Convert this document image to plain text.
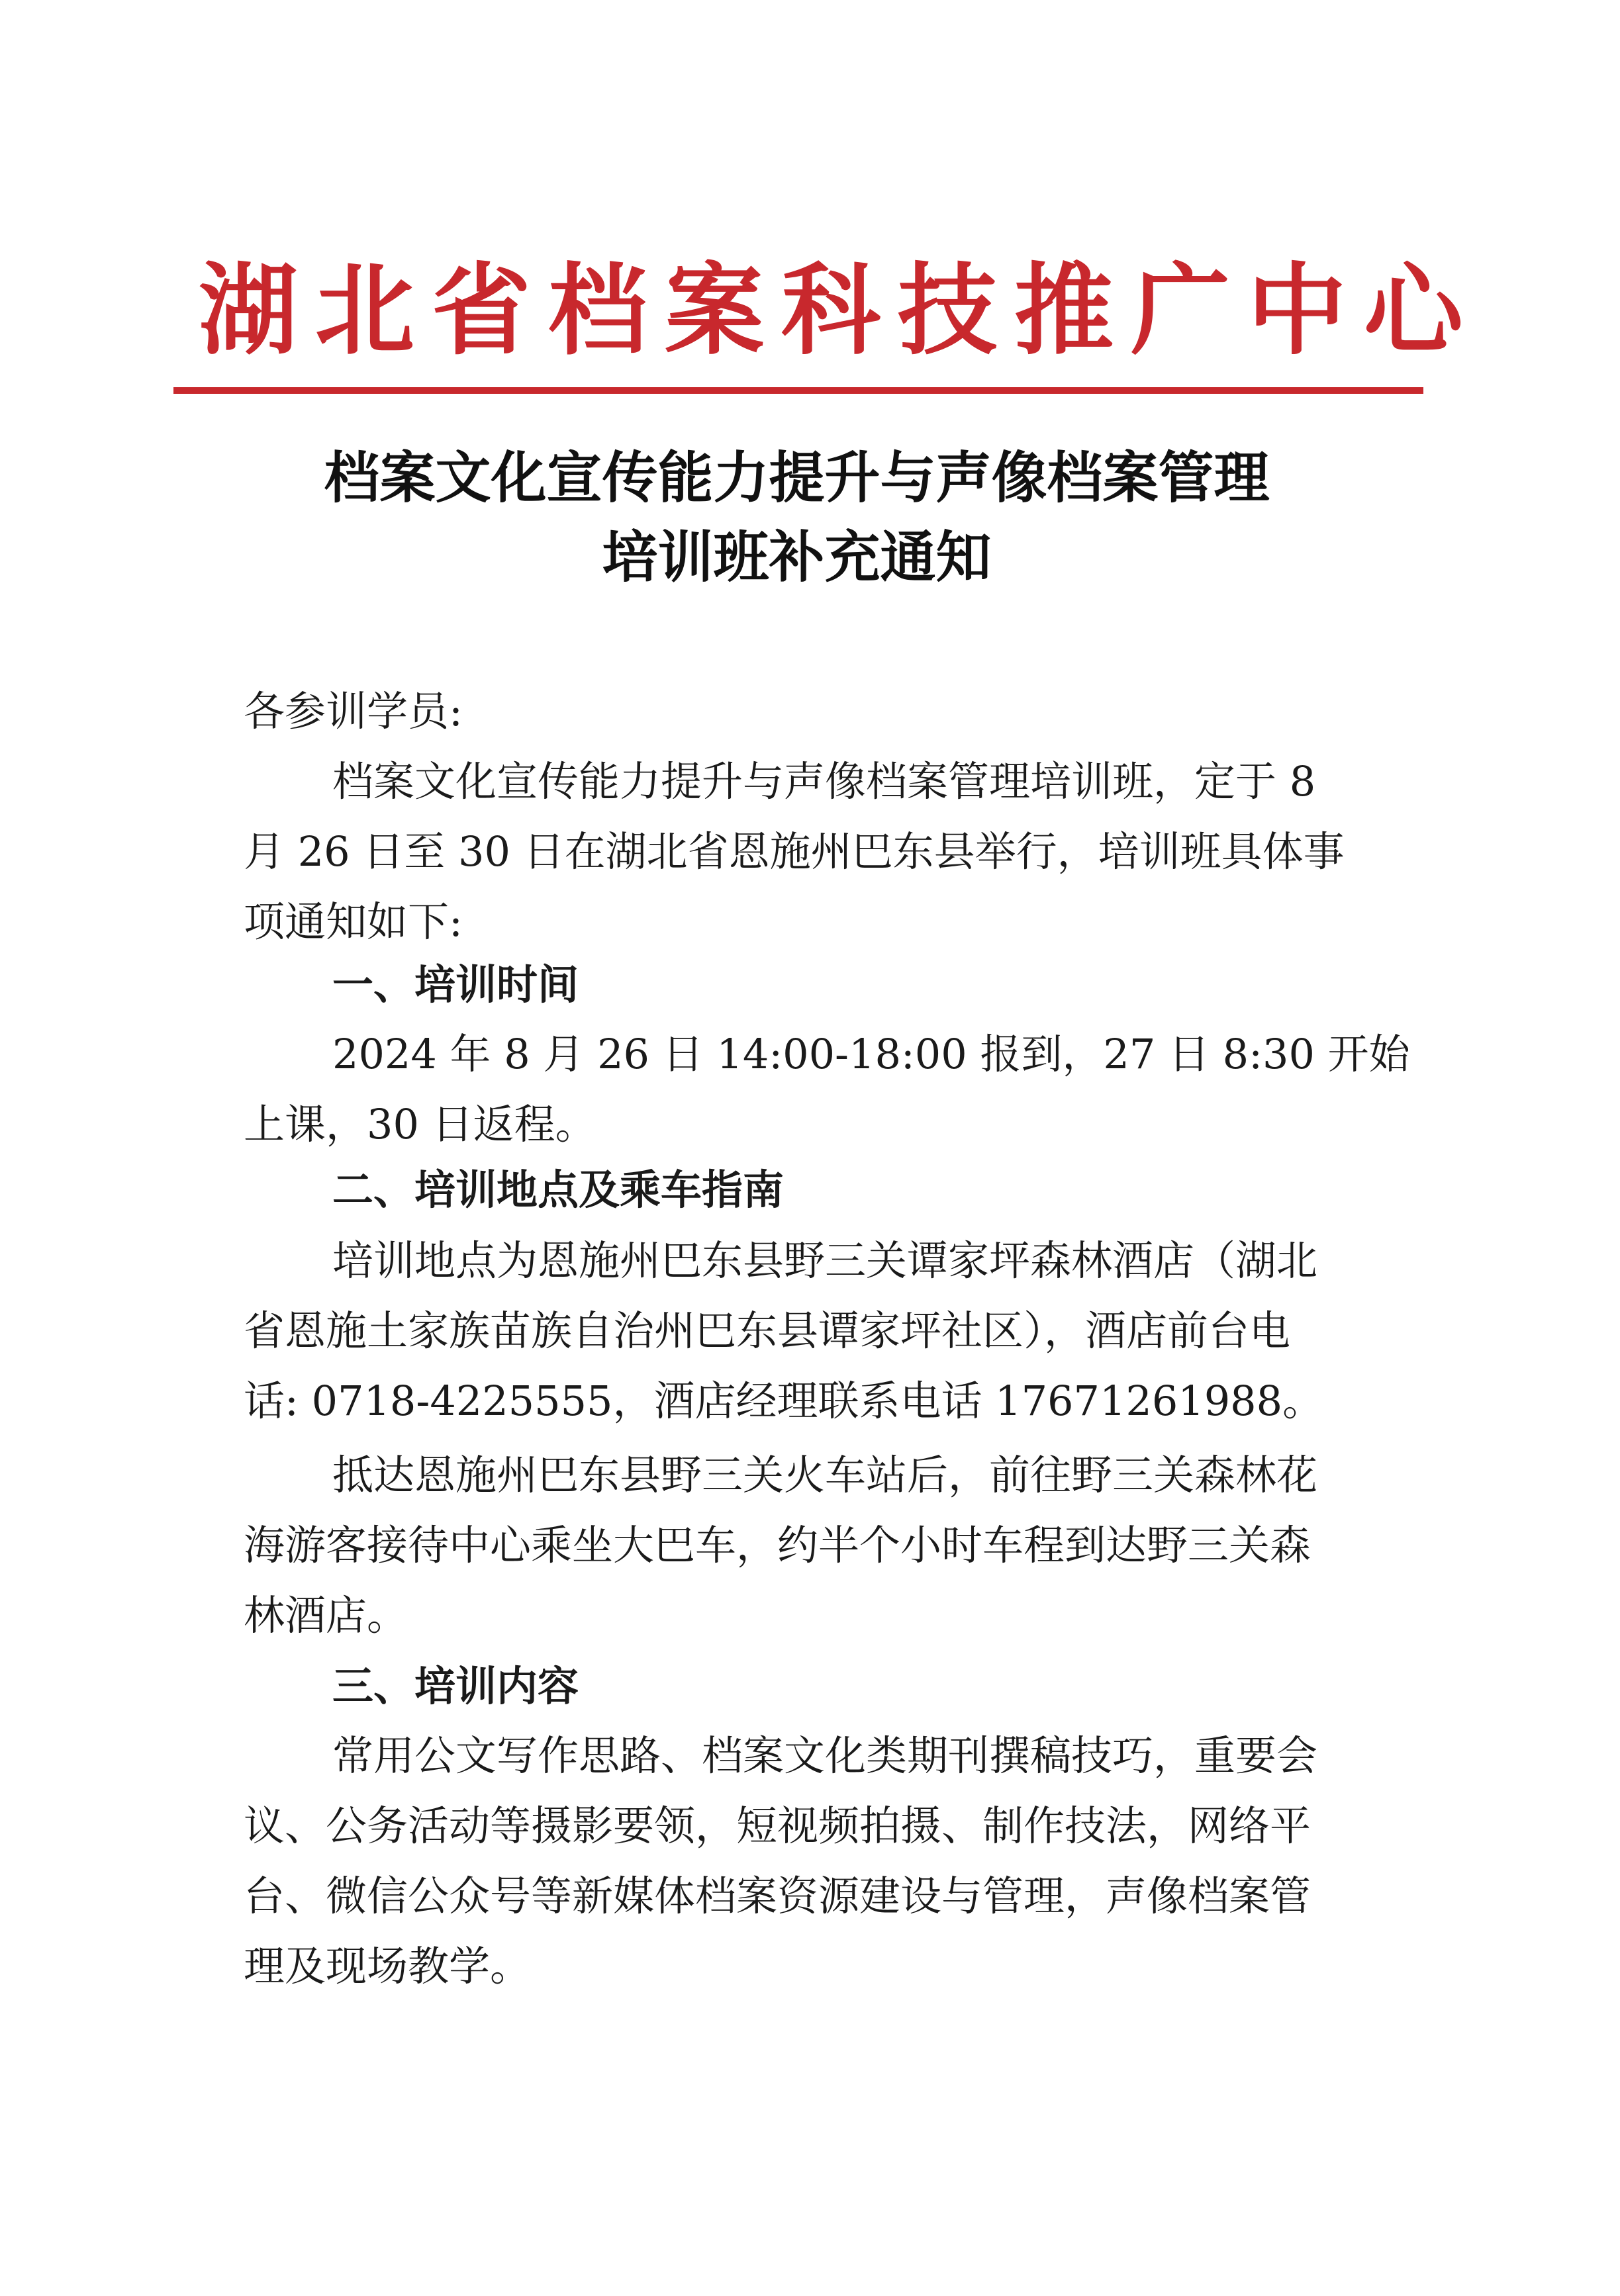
湖北省档案科技推广中心
档案文化宣传能力提升与声像档案管理
培训班补充通知

各参训学员:

档案文化宣传能力提升与声像档案管理培训班，定于 8

月 26 日至 30 日在湖北省恩施州巴东县举行，培训班具体事

项通知如下:

一、培训时间

2024 年 8 月 26 日 14:00-18:00 报到，27 日 8:30 开始

上课，30 日返程。

二、培训地点及乘车指南

培训地点为恩施州巴东县野三关谭家坪森林酒店（湖北

省恩施土家族苗族自治州巴东县谭家坪社区），酒店前台电

话: 0718-4225555，酒店经理联系电话 17671261988。

抵达恩施州巴东县野三关火车站后，前往野三关森林花

海游客接待中心乘坐大巴车，约半个小时车程到达野三关森

林酒店。

三、培训内容

常用公文写作思路、档案文化类期刊撰稿技巧，重要会

议、公务活动等摄影要领，短视频拍摄、制作技法，网络平

台、微信公众号等新媒体档案资源建设与管理，声像档案管

理及现场教学。
